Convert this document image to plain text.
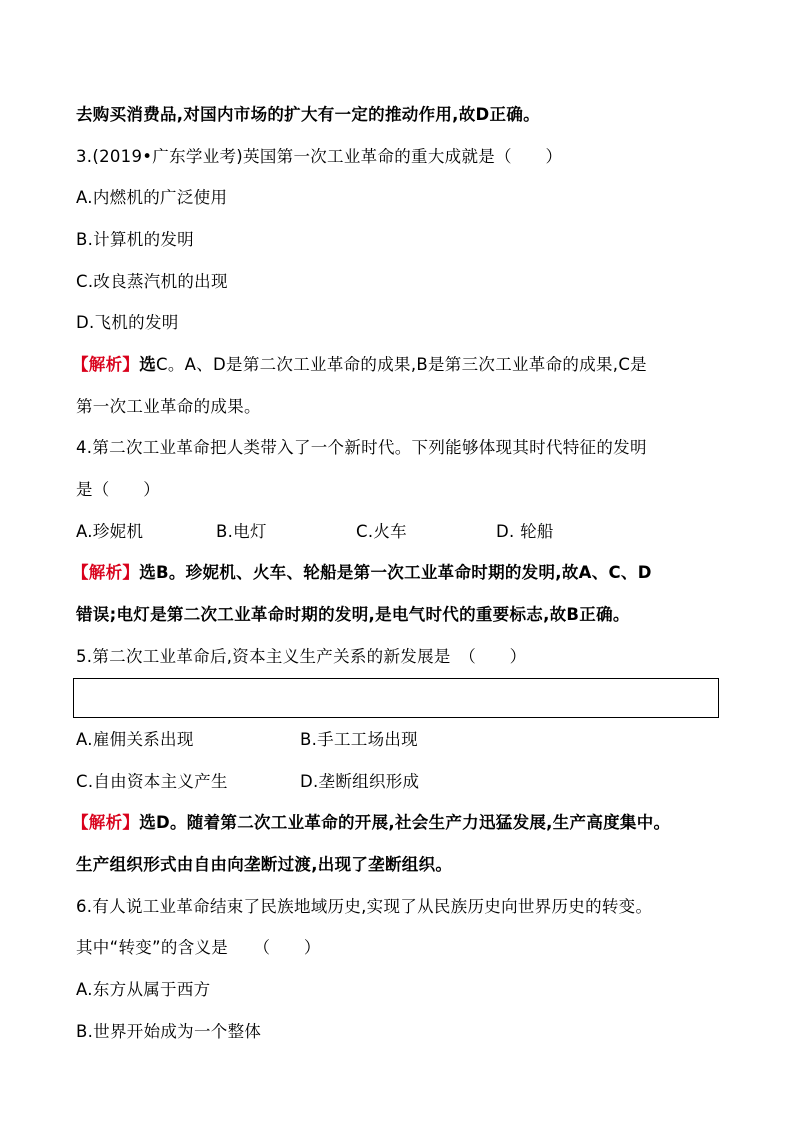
去购买消费品,对国内市场的扩大有一定的推动作用,故D正确。
3.(2019•广东学业考)英国第一次工业革命的重大成就是（　　）
A.内燃机的广泛使用
B.计算机的发明
C.改良蒸汽机的出现
D.飞机的发明
【解析】选C。A、D是第二次工业革命的成果,B是第三次工业革命的成果,C是
第一次工业革命的成果。
4.第二次工业革命把人类带入了一个新时代。下列能够体现其时代特征的发明
是（　　）
A.珍妮机	B.电灯	C.火车	D. 轮船
【解析】选B。珍妮机、火车、轮船是第一次工业革命时期的发明,故A、C、D
错误;电灯是第二次工业革命时期的发明,是电气时代的重要标志,故B正确。
5.第二次工业革命后,资本主义生产关系的新发展是　（　　）
A.雇佣关系出现	B.手工工场出现
C.自由资本主义产生	D.垄断组织形成
【解析】选D。随着第二次工业革命的开展,社会生产力迅猛发展,生产高度集中。
生产组织形式由自由向垄断过渡,出现了垄断组织。
6.有人说工业革命结束了民族地域历史,实现了从民族历史向世界历史的转变。
其中“转变”的含义是　　（　　）
A.东方从属于西方
B.世界开始成为一个整体
